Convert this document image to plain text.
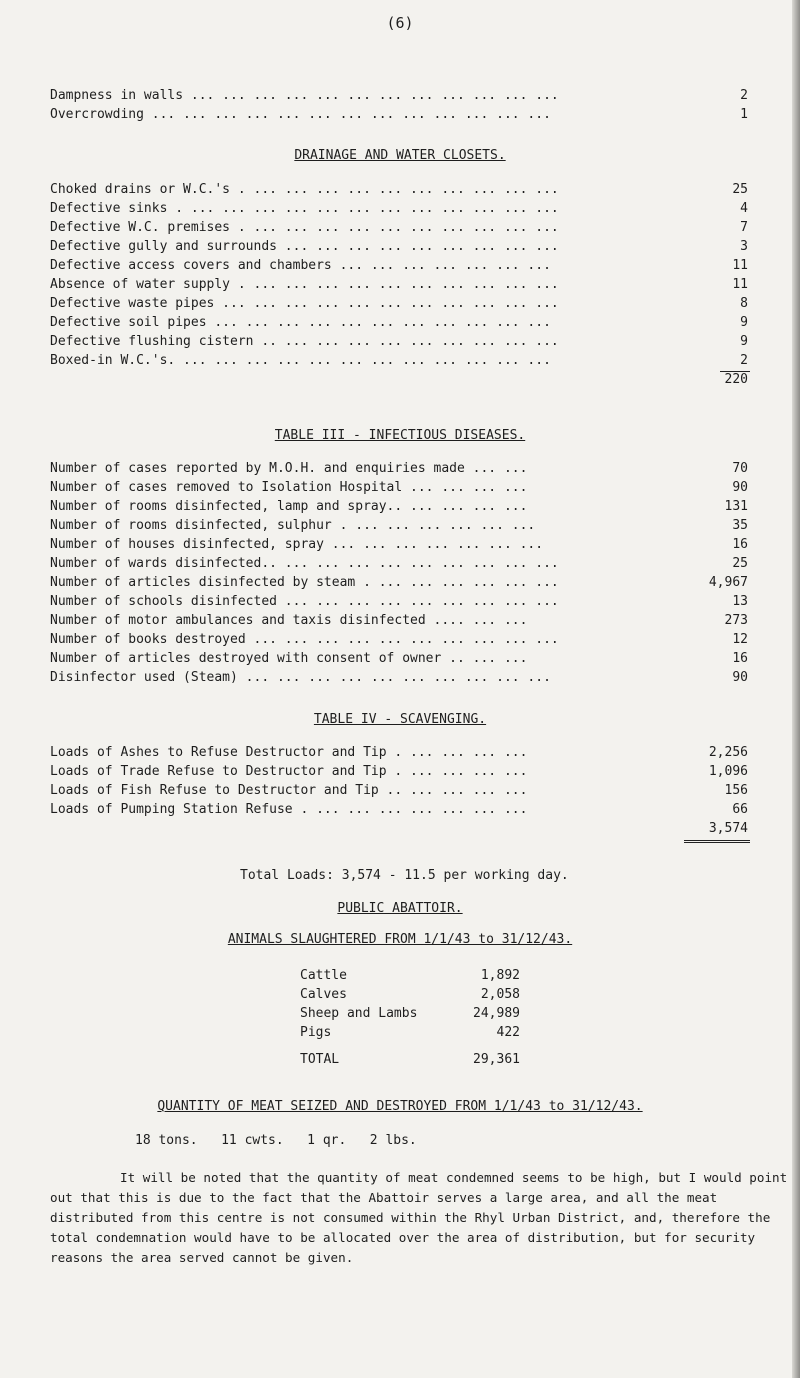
(6)
Dampness in walls ... ... ... ... ... ... ... ... ... ... ... ...	2
Overcrowding ... ... ... ... ... ... ... ... ... ... ... ... ...	1
DRAINAGE AND WATER CLOSETS.
Choked drains or W.C.'s . ... ... ... ... ... ... ... ... ... ...	25
Defective sinks . ... ... ... ... ... ... ... ... ... ... ... ...	4
Defective W.C. premises . ... ... ... ... ... ... ... ... ... ...	7
Defective gully and surrounds ... ... ... ... ... ... ... ... ...	3
Defective access covers and chambers ... ... ... ... ... ... ...	11
Absence of water supply . ... ... ... ... ... ... ... ... ... ...	11
Defective waste pipes ... ... ... ... ... ... ... ... ... ... ...	8
Defective soil pipes ... ... ... ... ... ... ... ... ... ... ...	9
Defective flushing cistern .. ... ... ... ... ... ... ... ... ...	9
Boxed-in W.C.'s. ... ... ... ... ... ... ... ... ... ... ... ...	2
220
TABLE III - INFECTIOUS DISEASES.
Number of cases reported by M.O.H. and enquiries made ... ...	70
Number of cases removed to Isolation Hospital ... ... ... ...	90
Number of rooms disinfected, lamp and spray.. ... ... ... ...	131
Number of rooms disinfected, sulphur . ... ... ... ... ... ...	35
Number of houses disinfected, spray ... ... ... ... ... ... ...	16
Number of wards disinfected.. ... ... ... ... ... ... ... ... ...	25
Number of articles disinfected by steam . ... ... ... ... ... ...	4,967
Number of schools disinfected ... ... ... ... ... ... ... ... ...	13
Number of motor ambulances and taxis disinfected .... ... ...	273
Number of books destroyed ... ... ... ... ... ... ... ... ... ...	12
Number of articles destroyed with consent of owner .. ... ...	16
Disinfector used (Steam) ... ... ... ... ... ... ... ... ... ...	90
TABLE IV - SCAVENGING.
Loads of Ashes to Refuse Destructor and Tip . ... ... ... ...	2,256
Loads of Trade Refuse to Destructor and Tip . ... ... ... ...	1,096
Loads of Fish Refuse to Destructor and Tip .. ... ... ... ...	156
Loads of Pumping Station Refuse . ... ... ... ... ... ... ...	66
3,574
Total Loads: 3,574 - 11.5 per working day.
PUBLIC ABATTOIR.
ANIMALS SLAUGHTERED FROM 1/1/43 to 31/12/43.
Cattle	1,892
Calves	2,058
Sheep and Lambs	24,989
Pigs	422
TOTAL	29,361
QUANTITY OF MEAT SEIZED AND DESTROYED FROM 1/1/43 to 31/12/43.
18 tons.   11 cwts.   1 qr.   2 lbs.

It will be noted that the quantity of meat condemned seems to be high, but I would point out that this is due to the fact that the Abattoir serves a large area, and all the meat distributed from this centre is not consumed within the Rhyl Urban District, and, therefore the total condemnation would have to be allocated over the area of distribution, but for security reasons the area served cannot be given.
